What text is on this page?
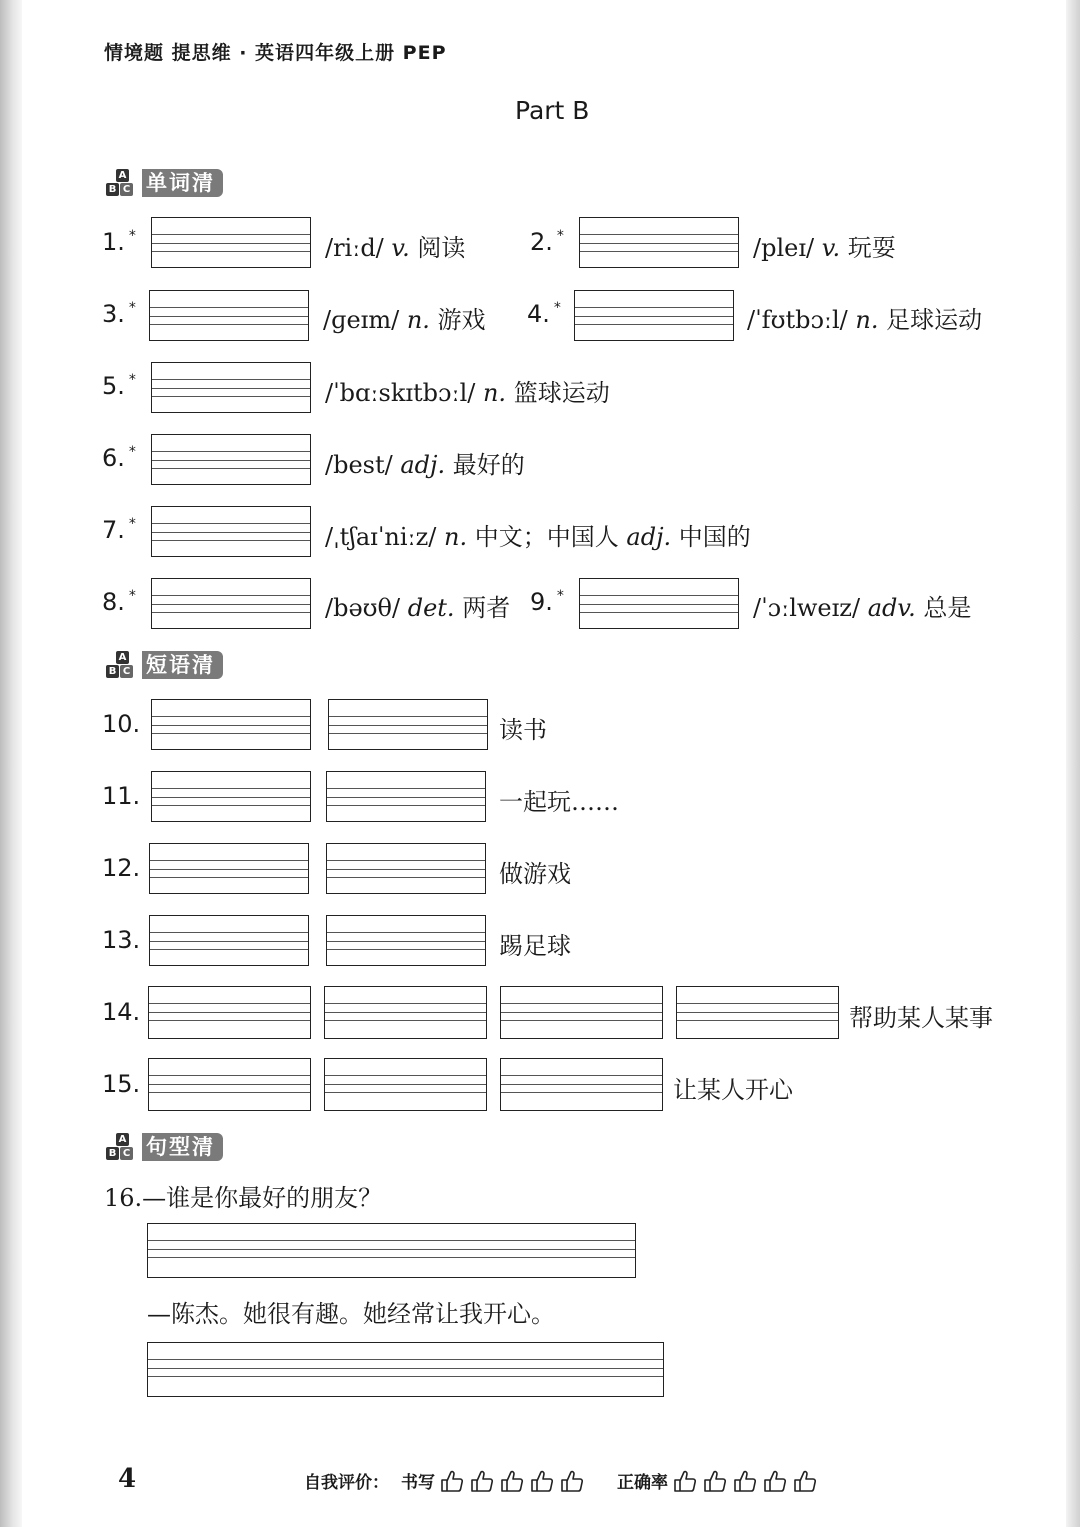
情境题 提思维 · 英语四年级上册 PEP
Part B
A
B C 单词清
1. *	/riːd/ v. 阅读	2. *	/pleɪ/ v. 玩耍
3. *	/ɡeɪm/ n. 游戏 4. *	/ˈfʊtbɔːl/ n. 足球运动
5. *	/ˈbɑːskɪtbɔːl/ n. 篮球运动
6. *	/best/ adj. 最好的
7. *	/ˌtʃaɪˈniːz/ n. 中文；中国人 adj. 中国的
8. *	/bəʊθ/ det. 两者 9. *	/ˈɔːlweɪz/ adv. 总是
A
B C 短语清
10.	读书
11.	一起玩……
12.	做游戏
13.	踢足球
14.	帮助某人某事
15.	让某人开心
A
B C 句型清
16.—谁是你最好的朋友？
—陈杰。她很有趣。她经常让我开心。
4	自我评价： 书写	正确率
